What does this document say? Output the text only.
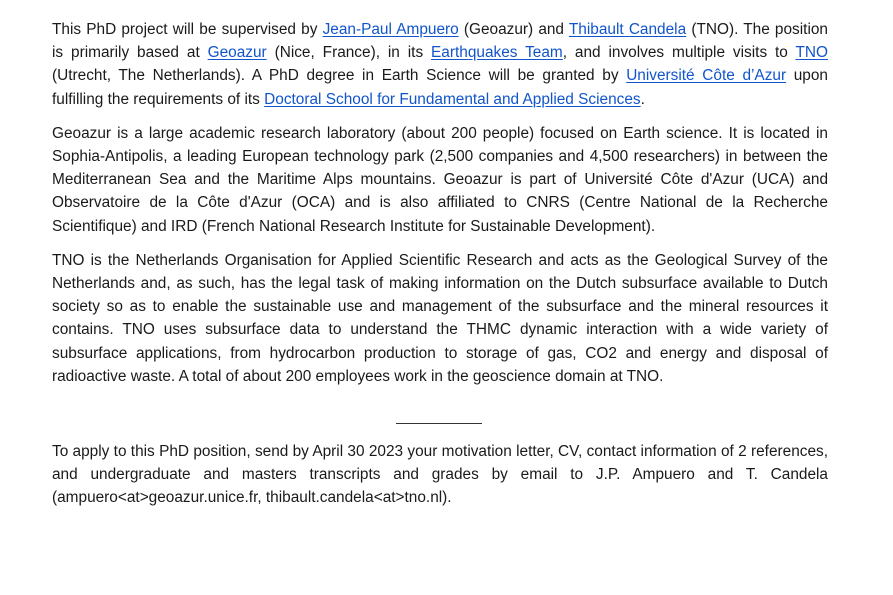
This PhD project will be supervised by Jean-Paul Ampuero (Geoazur) and Thibault Candela (TNO). The position is primarily based at Geoazur (Nice, France), in its Earthquakes Team, and involves multiple visits to TNO (Utrecht, The Netherlands). A PhD degree in Earth Science will be granted by Université Côte d’Azur upon fulfilling the requirements of its Doctoral School for Fundamental and Applied Sciences.

Geoazur is a large academic research laboratory (about 200 people) focused on Earth science. It is located in Sophia-Antipolis, a leading European technology park (2,500 companies and 4,500 researchers) in between the Mediterranean Sea and the Maritime Alps mountains. Geoazur is part of Université Côte d'Azur (UCA) and Observatoire de la Côte d'Azur (OCA) and is also affiliated to CNRS (Centre National de la Recherche Scientifique) and IRD (French National Research Institute for Sustainable Development).

TNO is the Netherlands Organisation for Applied Scientific Research and acts as the Geological Survey of the Netherlands and, as such, has the legal task of making information on the Dutch subsurface available to Dutch society so as to enable the sustainable use and management of the subsurface and the mineral resources it contains. TNO uses subsurface data to understand the THMC dynamic interaction with a wide variety of subsurface applications, from hydrocarbon production to storage of gas, CO2 and energy and disposal of radioactive waste. A total of about 200 employees work in the geoscience domain at TNO.

To apply to this PhD position, send by April 30 2023 your motivation letter, CV, contact information of 2 references, and undergraduate and masters transcripts and grades by email to J.P. Ampuero and T. Candela (ampuero<at>geoazur.unice.fr, thibault.candela<at>tno.nl).
